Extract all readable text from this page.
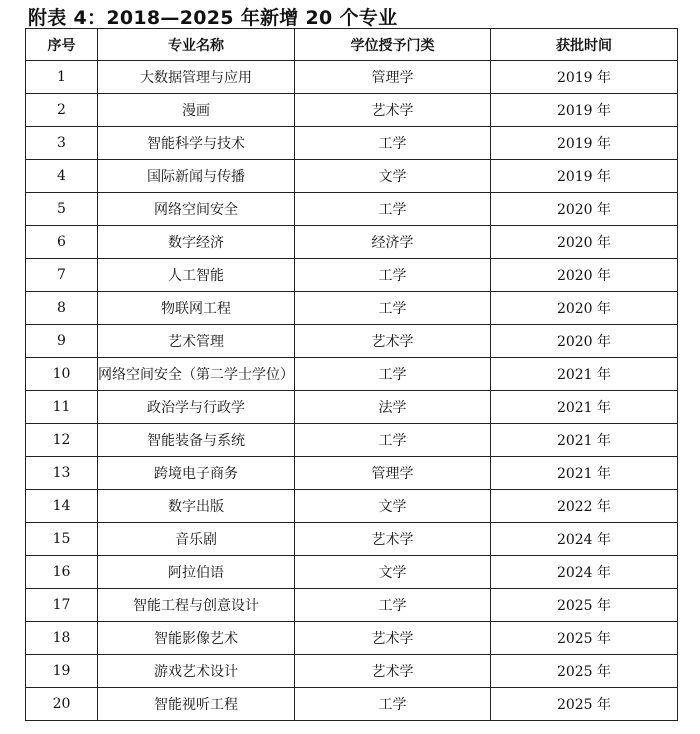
附表 4：2018—2025 年新增 20 个专业
序号	专业名称	学位授予门类	获批时间
1	大数据管理与应用	管理学	2019 年
2	漫画	艺术学	2019 年
3	智能科学与技术	工学	2019 年
4	国际新闻与传播	文学	2019 年
5	网络空间安全	工学	2020 年
6	数字经济	经济学	2020 年
7	人工智能	工学	2020 年
8	物联网工程	工学	2020 年
9	艺术管理	艺术学	2020 年
10	网络空间安全（第二学士学位）	工学	2021 年
11	政治学与行政学	法学	2021 年
12	智能装备与系统	工学	2021 年
13	跨境电子商务	管理学	2021 年
14	数字出版	文学	2022 年
15	音乐剧	艺术学	2024 年
16	阿拉伯语	文学	2024 年
17	智能工程与创意设计	工学	2025 年
18	智能影像艺术	艺术学	2025 年
19	游戏艺术设计	艺术学	2025 年
20	智能视听工程	工学	2025 年
